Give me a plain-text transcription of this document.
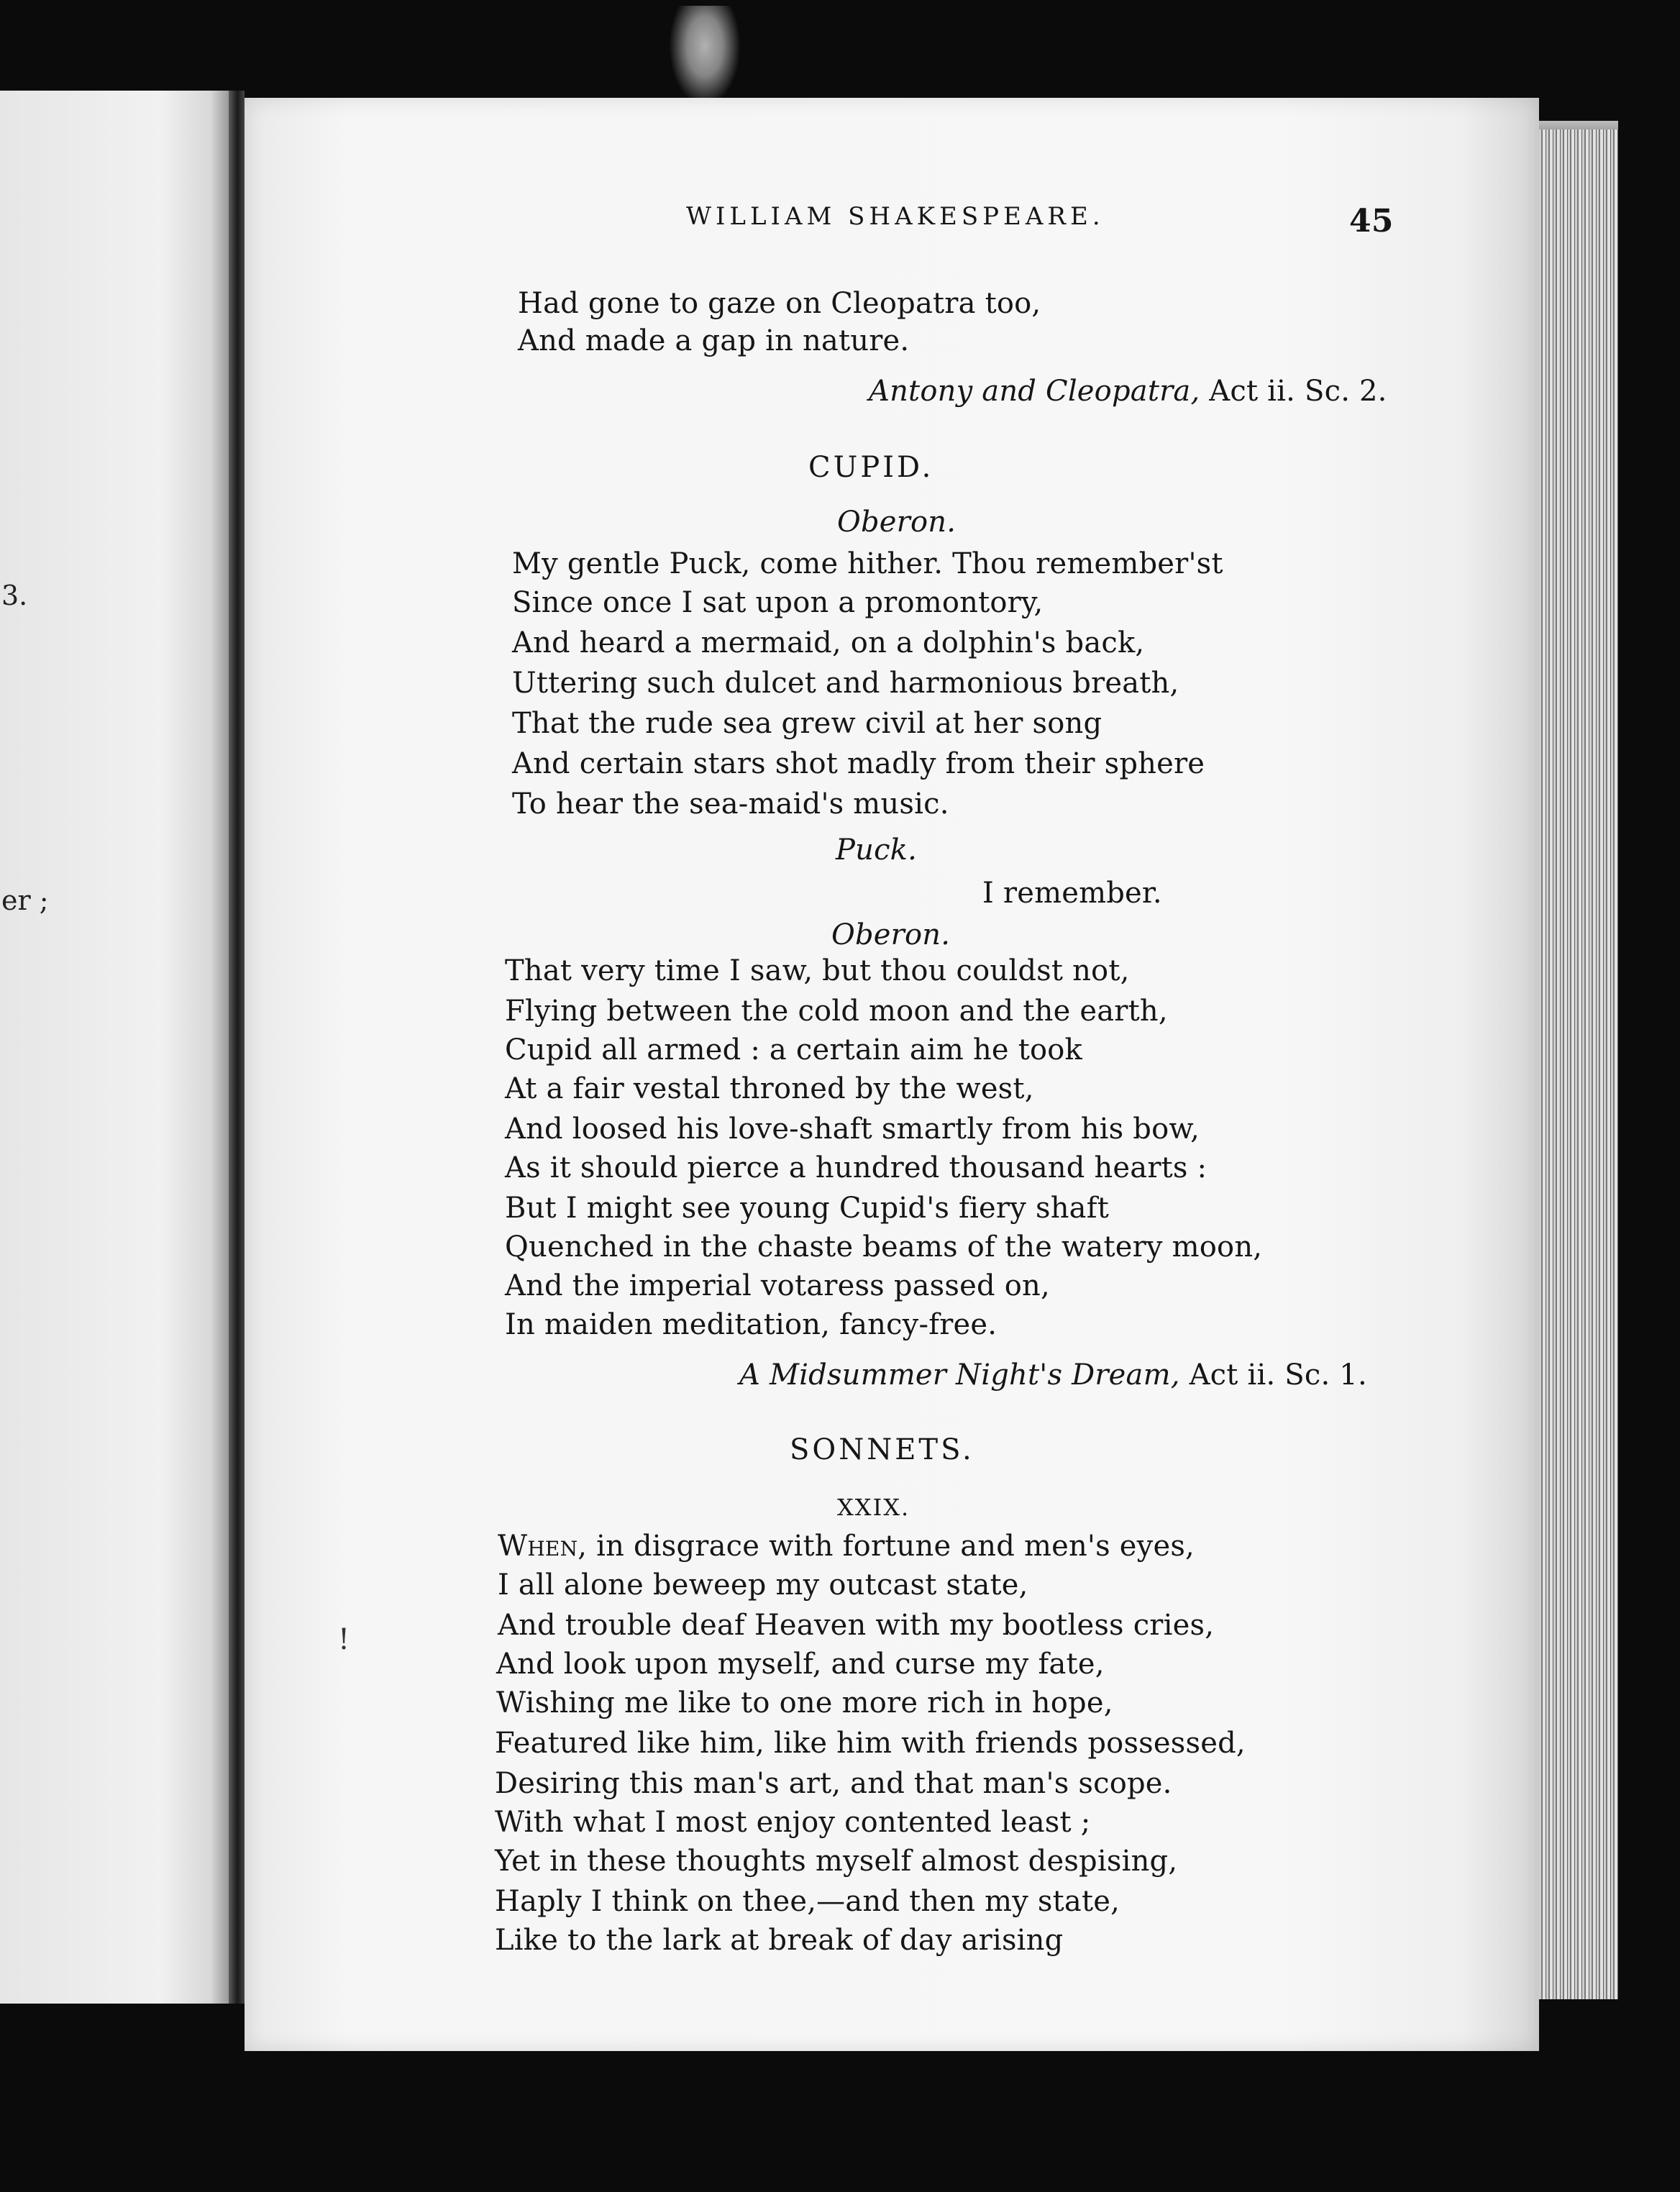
3.
er ;
!
WILLIAM SHAKESPEARE.	45
Had gone to gaze on Cleopatra too,
And made a gap in nature.
Antony and Cleopatra, Act ii. Sc. 2.
CUPID.
Oberon.
My gentle Puck, come hither. Thou remember'st
Since once I sat upon a promontory,
And heard a mermaid, on a dolphin's back,
Uttering such dulcet and harmonious breath,
That the rude sea grew civil at her song
And certain stars shot madly from their sphere
To hear the sea-maid's music.
Puck.
I remember.
Oberon.
That very time I saw, but thou couldst not,
Flying between the cold moon and the earth,
Cupid all armed : a certain aim he took
At a fair vestal throned by the west,
And loosed his love-shaft smartly from his bow,
As it should pierce a hundred thousand hearts :
But I might see young Cupid's fiery shaft
Quenched in the chaste beams of the watery moon,
And the imperial votaress passed on,
In maiden meditation, fancy-free.
A Midsummer Night's Dream, Act ii. Sc. 1.
SONNETS.
XXIX.
When, in disgrace with fortune and men's eyes,
I all alone beweep my outcast state,
And trouble deaf Heaven with my bootless cries,
And look upon myself, and curse my fate,
Wishing me like to one more rich in hope,
Featured like him, like him with friends possessed,
Desiring this man's art, and that man's scope.
With what I most enjoy contented least ;
Yet in these thoughts myself almost despising,
Haply I think on thee,—and then my state,
Like to the lark at break of day arising
